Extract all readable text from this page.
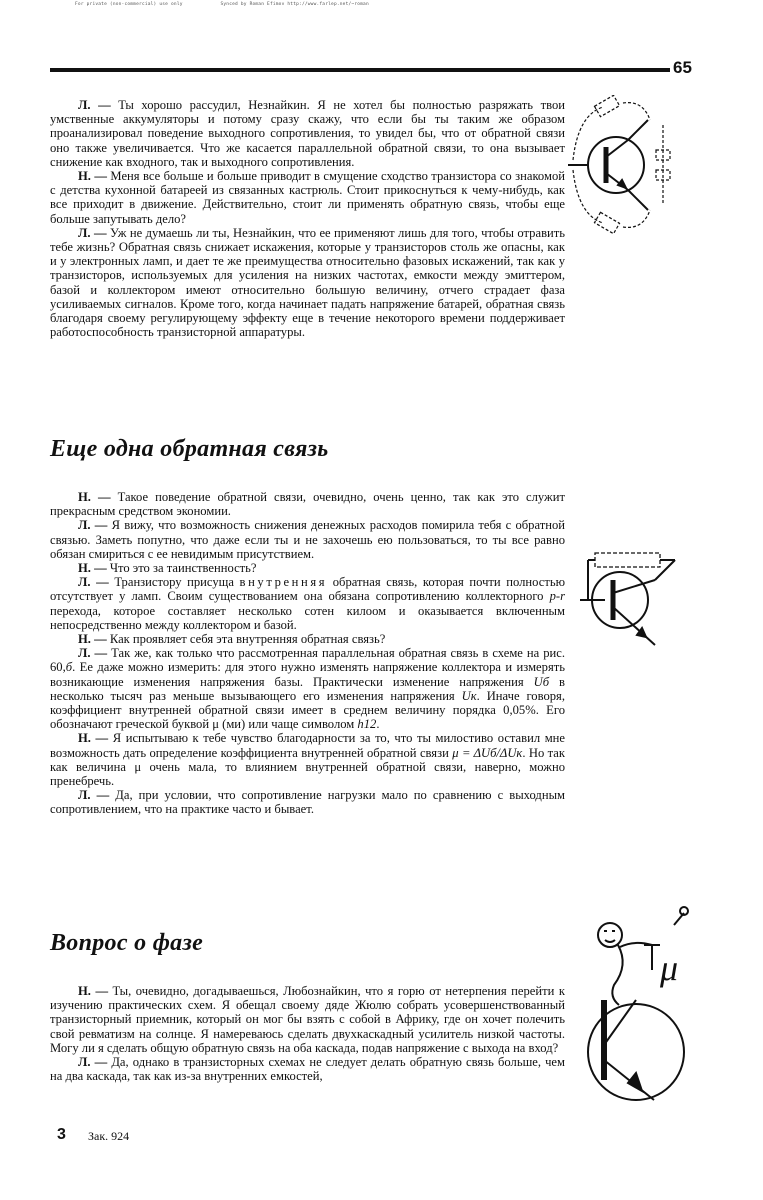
For private (non-commercial) use only	Synced by Roman Efimov http://www.farlep.net/~roman
65

Л. — Ты хорошо рассудил, Незнайкин. Я не хотел бы полностью разряжать твои умственные аккумуляторы и потому сразу скажу, что если бы ты таким же образом проанализировал поведение выходного сопротивления, то увидел бы, что от обратной связи оно также увеличивается. Что же касается параллельной обратной связи, то она вызывает снижение как входного, так и выходного сопротивления.

Н. — Меня все больше и больше приводит в смущение сходство транзистора со знакомой с детства кухонной батареей из связанных кастрюль. Стоит прикоснуться к чему-нибудь, как все приходит в движение. Действительно, стоит ли применять обратную связь, чтобы еще больше запутывать дело?

Л. — Уж не думаешь ли ты, Незнайкин, что ее применяют лишь для того, чтобы отравить тебе жизнь? Обратная связь снижает искажения, которые у транзисторов столь же опасны, как и у электронных ламп, и дает те же преимущества относительно фазовых искажений, так как у транзисторов, используемых для усиления на низких частотах, емкости между эмиттером, базой и коллектором имеют относительно большую величину, отчего страдает фаза усиливаемых сигналов. Кроме того, когда начинает падать напряжение батарей, обратная связь благодаря своему регулирующему эффекту еще в течение некоторого времени поддерживает работоспособность транзисторной аппаратуры.

Еще одна обратная связь

Н. — Такое поведение обратной связи, очевидно, очень ценно, так как это служит прекрасным средством экономии.

Л. — Я вижу, что возможность снижения денежных расходов помирила тебя с обратной связью. Заметь попутно, что даже если ты и не захочешь ею пользоваться, то ты все равно обязан смириться с ее невидимым присутствием.

Н. — Что это за таинственность?

Л. — Транзистору присуща внутренняя обратная связь, которая почти полностью отсутствует у ламп. Своим существованием она обязана сопротивлению коллекторного p-r перехода, которое составляет несколько сотен килоом и оказывается включенным непосредственно между коллектором и базой.

Н. — Как проявляет себя эта внутренняя обратная связь?

Л. — Так же, как только что рассмотренная параллельная обратная связь в схеме на рис. 60,б. Ее даже можно измерить: для этого нужно изменять напряжение коллектора и измерять возникающие изменения напряжения базы. Практически изменение напряжения Uб в несколько тысяч раз меньше вызывающего его изменения напряжения Uк. Иначе говоря, коэффициент внутренней обратной связи имеет в среднем величину порядка 0,05%. Его обозначают греческой буквой μ (ми) или чаще символом h12.

Н. — Я испытываю к тебе чувство благодарности за то, что ты милостиво оставил мне возможность дать определение коэффициента внутренней обратной связи μ = ΔUб/ΔUк. Но так как величина μ очень мала, то влиянием внутренней обратной связи, наверно, можно пренебречь.

Л. — Да, при условии, что сопротивление нагрузки мало по сравнению с выходным сопротивлением, что на практике часто и бывает.

Вопрос о фазе

Н. — Ты, очевидно, догадываешься, Любознайкин, что я горю от нетерпения перейти к изучению практических схем. Я обещал своему дяде Жюлю собрать усовершенствованный транзисторный приемник, который он мог бы взять с собой в Африку, где он хочет полечить свой ревматизм на солнце. Я намереваюсь сделать двухкаскадный усилитель низкой частоты. Могу ли я сделать общую обратную связь на оба каскада, подав напряжение с выхода на вход?

Л. — Да, однако в транзисторных схемах не следует делать обратную связь больше, чем на два каскада, так как из-за внутренних емкостей,

μ
3 Зак. 924
